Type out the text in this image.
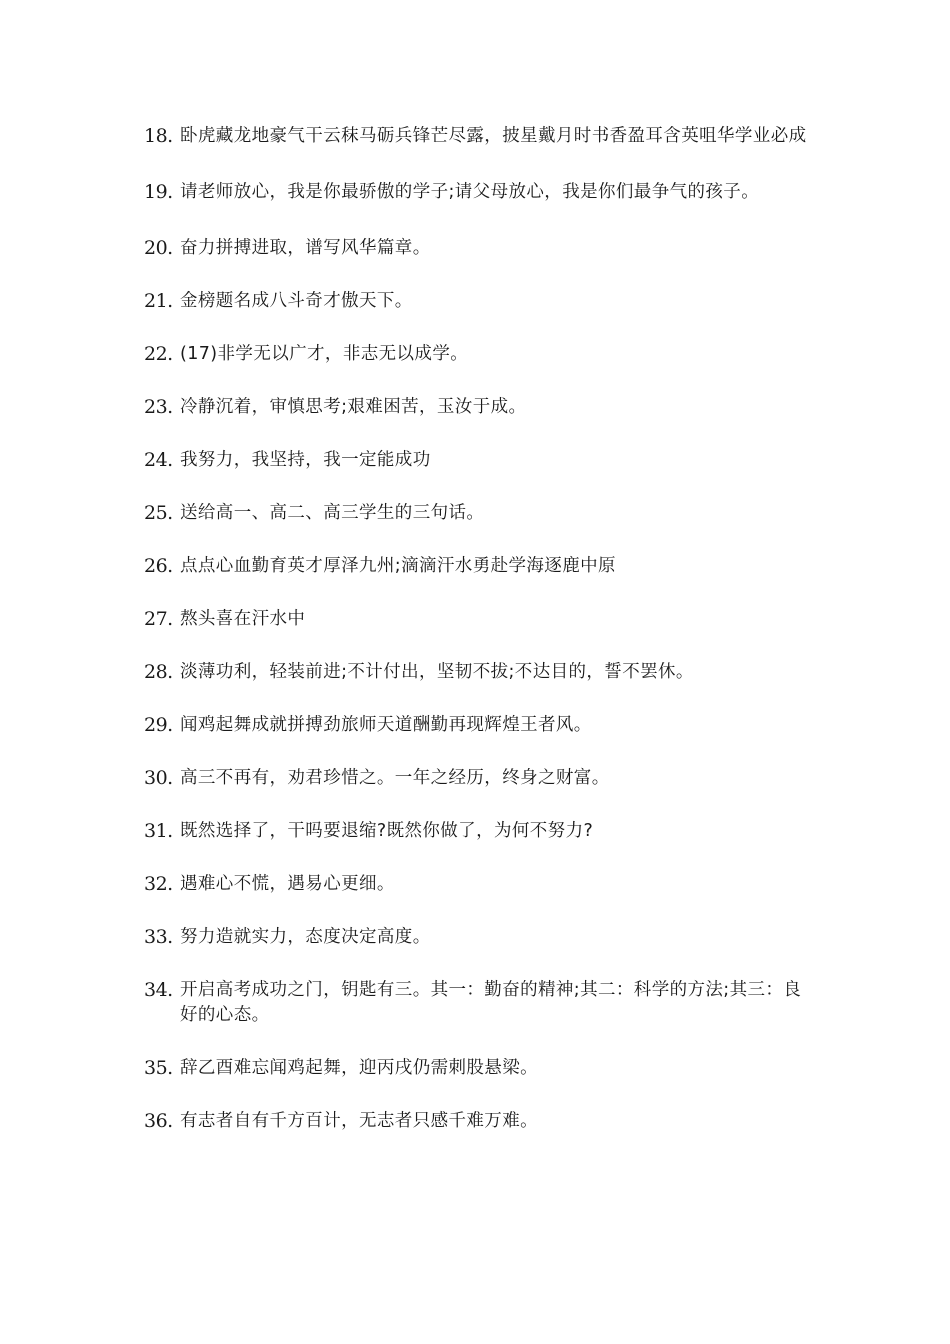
18. 卧虎藏龙地豪气干云秣马砺兵锋芒尽露，披星戴月时书香盈耳含英咀华学业必成
19. 请老师放心，我是你最骄傲的学子;请父母放心，我是你们最争气的孩子。
20. 奋力拼搏进取，谱写风华篇章。
21. 金榜题名成八斗奇才傲天下。
22. (17)非学无以广才，非志无以成学。
23. 冷静沉着，审慎思考;艰难困苦，玉汝于成。
24. 我努力，我坚持，我一定能成功
25. 送给高一、高二、高三学生的三句话。
26. 点点心血勤育英才厚泽九州;滴滴汗水勇赴学海逐鹿中原
27. 熬头喜在汗水中
28. 淡薄功利，轻装前进;不计付出，坚韧不拔;不达目的，誓不罢休。
29. 闻鸡起舞成就拼搏劲旅师天道酬勤再现辉煌王者风。
30. 高三不再有，劝君珍惜之。一年之经历，终身之财富。
31. 既然选择了，干吗要退缩?既然你做了，为何不努力?
32. 遇难心不慌，遇易心更细。
33. 努力造就实力，态度决定高度。
34. 开启高考成功之门，钥匙有三。其一：勤奋的精神;其二：科学的方法;其三：良好的心态。
35. 辞乙酉难忘闻鸡起舞，迎丙戌仍需刺股悬梁。
36. 有志者自有千方百计，无志者只感千难万难。
